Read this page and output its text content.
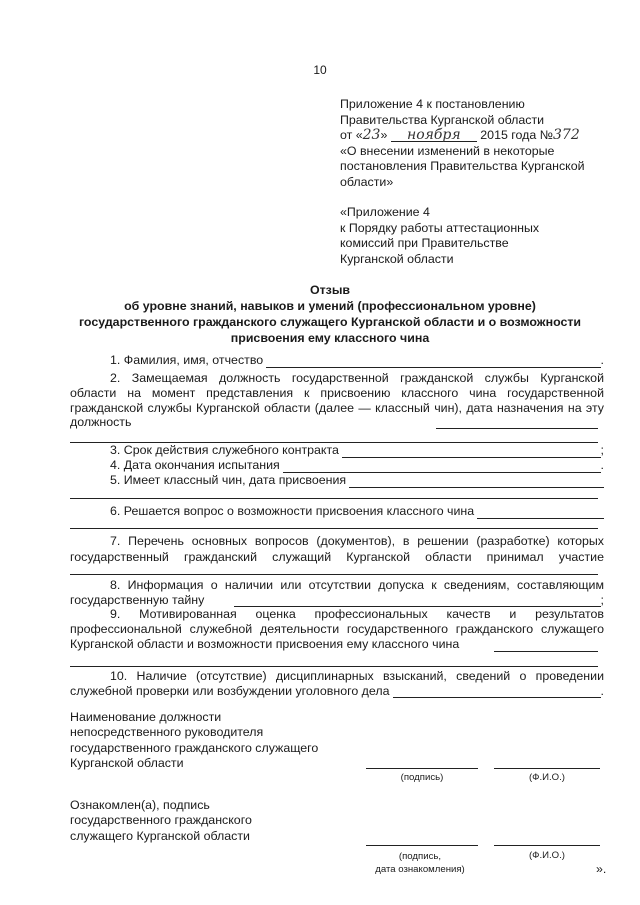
10
Приложение 4 к постановлению
Правительства Курганской области
от «23» ноября 2015 года №372
«О внесении изменений в некоторые
постановления Правительства Курганской
области»
«Приложение 4
к Порядку работы аттестационных
комиссий при Правительстве
Курганской области
Отзыв
об уровне знаний, навыков и умений (профессиональном уровне)
государственного гражданского служащего Курганской области и о возможности
присвоения ему классного чина
1. Фамилия, имя, отчество	.
2. Замещаемая должность государственной гражданской службы Курганской области на момент представления к присвоению классного чина государственной гражданской службы Курганской области (далее — классный чин), дата назначения на эту должность
3. Срок действия служебного контракта	;
4. Дата окончания испытания	.
5. Имеет классный чин, дата присвоения
6. Решается вопрос о возможности присвоения классного чина
7. Перечень основных вопросов (документов), в решении (разработке) которых государственный гражданский служащий Курганской области принимал участие
8. Информация о наличии или отсутствии допуска к сведениям, составляющим
государственную тайну	;
9. Мотивированная оценка профессиональных качеств и результатов профессиональной служебной деятельности государственного гражданского служащего Курганской области и возможности присвоения ему классного чина
10. Наличие (отсутствие) дисциплинарных взысканий, сведений о проведении
служебной проверки или возбуждении уголовного дела	.
Наименование должности
непосредственного руководителя
государственного гражданского служащего
Курганской области
(подпись)	(Ф.И.О.)
Ознакомлен(а), подпись
государственного гражданского
служащего Курганской области
(подпись,
дата ознакомления)
(Ф.И.О.)
».
